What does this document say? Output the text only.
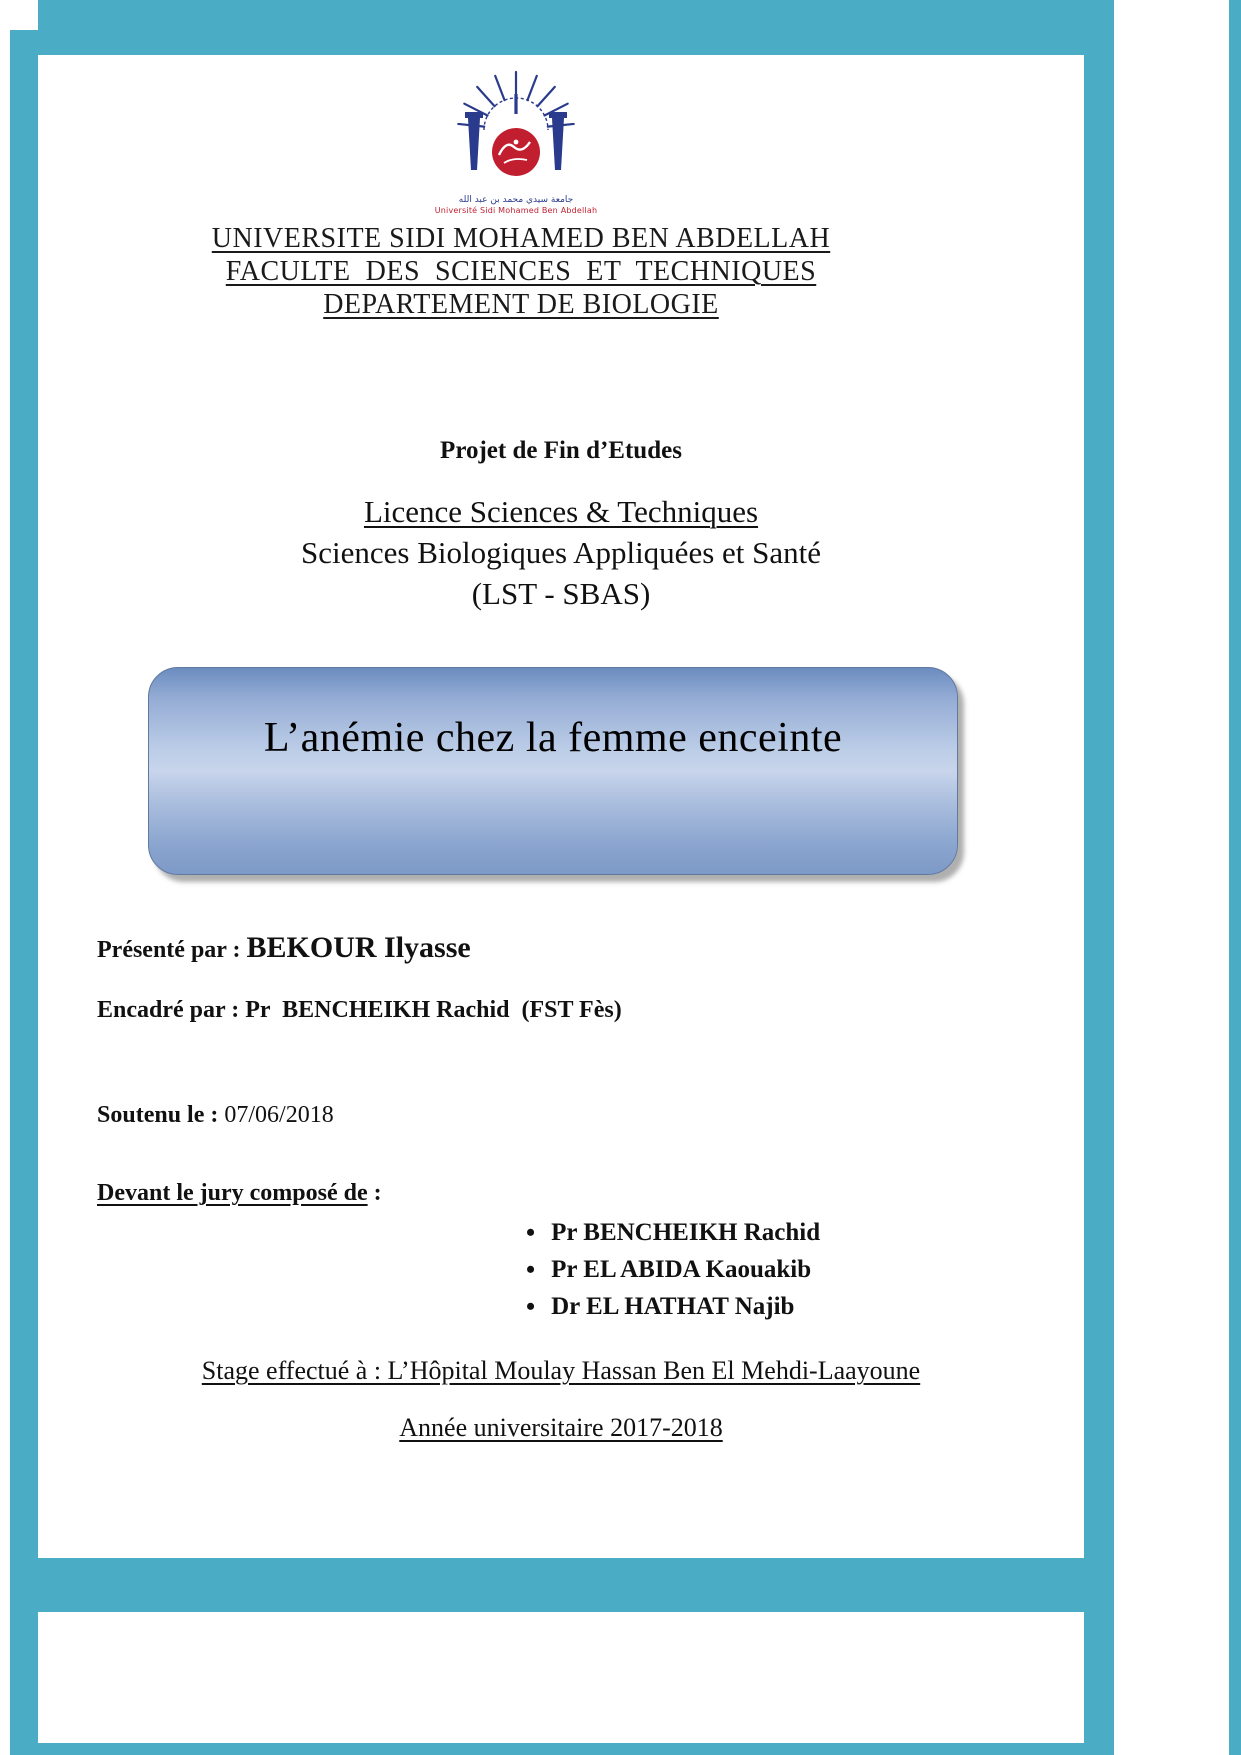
جامعة سيدي محمد بن عبد الله
Université Sidi Mohamed Ben Abdellah
UNIVERSITE SIDI MOHAMED BEN ABDELLAH
FACULTE  DES  SCIENCES  ET  TECHNIQUES
DEPARTEMENT DE BIOLOGIE
Projet de Fin d’Etudes
Licence Sciences & Techniques
Sciences Biologiques Appliquées et Santé
(LST - SBAS)
L’anémie chez la femme enceinte
Présenté par : BEKOUR Ilyasse
Encadré par : Pr  BENCHEIKH Rachid  (FST Fès)
Soutenu le : 07/06/2018
Devant le jury composé de :
• Pr BENCHEIKH Rachid
• Pr EL ABIDA Kaouakib
• Dr EL HATHAT Najib
Stage effectué à : L’Hôpital Moulay Hassan Ben El Mehdi-Laayoune
Année universitaire 2017-2018
